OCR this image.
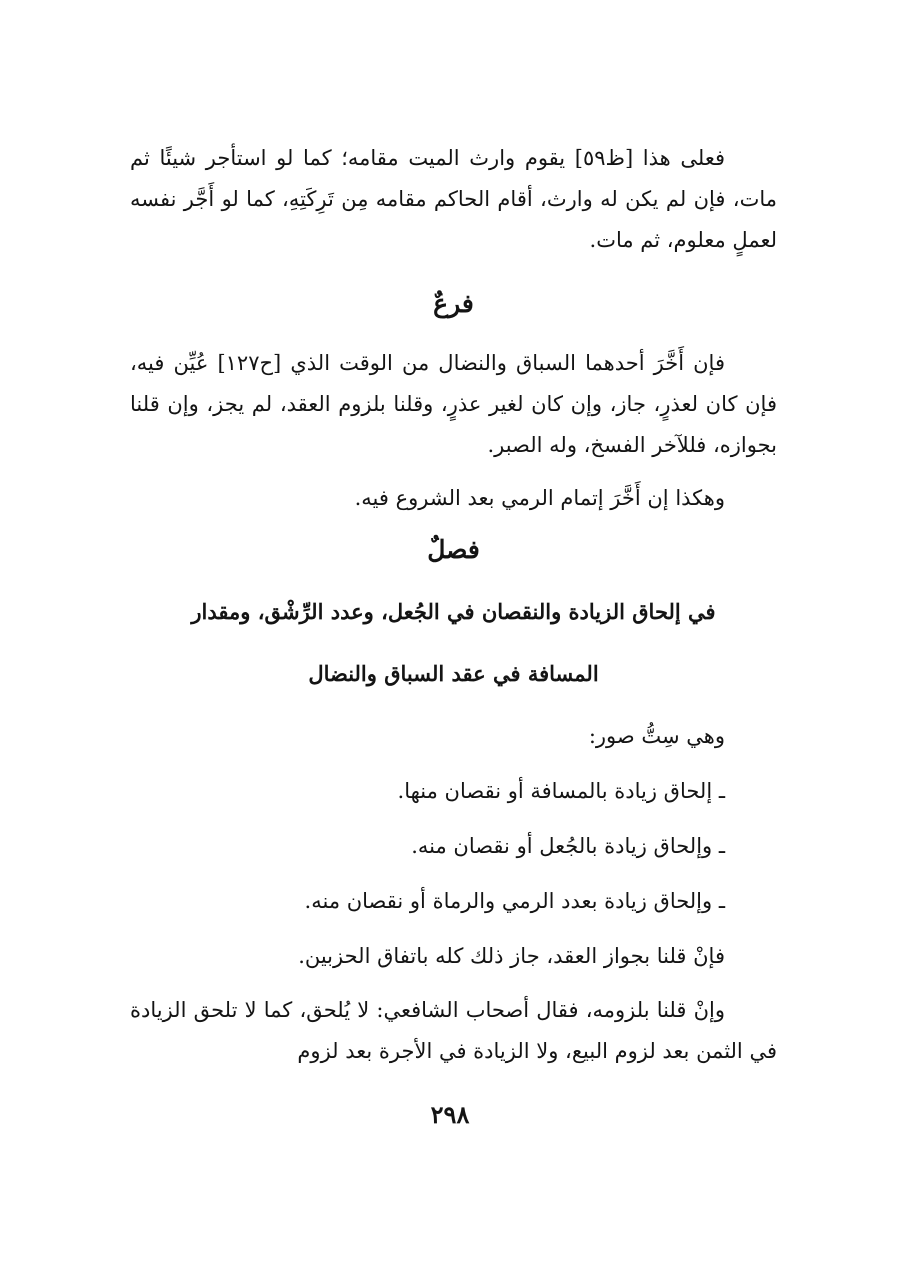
فعلى هذا [ظ٥٩] يقوم وارث الميت مقامه؛ كما لو استأجر شيئًا ثم مات، فإن لم يكن له وارث، أقام الحاكم مقامه مِن تَرِكَتِهِ، كما لو أَجَّر نفسه لعملٍ معلوم، ثم مات.

فرعٌ

فإن أَخَّرَ أحدهما السباق والنضال من الوقت الذي [ح١٢٧] عُيِّن فيه، فإن كان لعذرٍ، جاز، وإن كان لغير عذرٍ، وقلنا بلزوم العقد، لم يجز، وإن قلنا بجوازه، فللآخر الفسخ، وله الصبر.

وهكذا إن أَخَّرَ إتمام الرمي بعد الشروع فيه.

فصلٌ

في إلحاق الزيادة والنقصان في الجُعل، وعدد الرِّشْق، ومقدار

المسافة في عقد السباق والنضال

وهي سِتُّ صور:

ـ إلحاق زيادة بالمسافة أو نقصان منها.

ـ وإلحاق زيادة بالجُعل أو نقصان منه.

ـ وإلحاق زيادة بعدد الرمي والرماة أو نقصان منه.

فإنْ قلنا بجواز العقد، جاز ذلك كله باتفاق الحزبين.

وإنْ قلنا بلزومه، فقال أصحاب الشافعي: لا يُلحق، كما لا تلحق الزيادة في الثمن بعد لزوم البيع، ولا الزيادة في الأجرة بعد لزوم

٢٩٨
